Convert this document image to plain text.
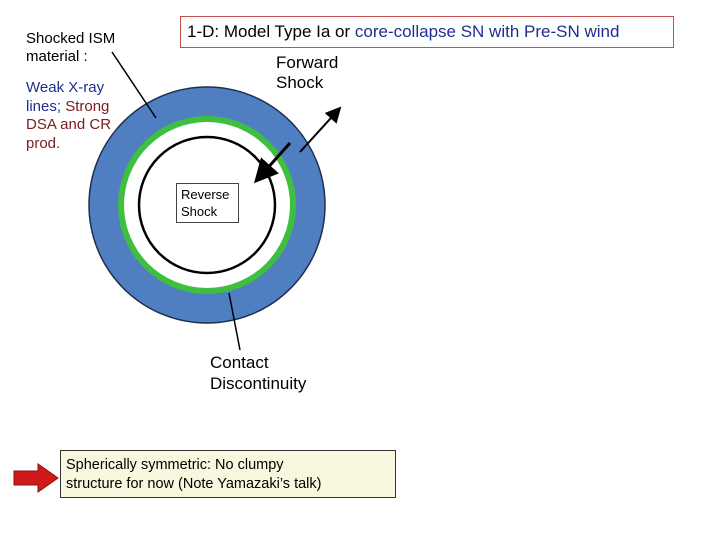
1-D: Model Type Ia or core-collapse SN with Pre-SN wind
Shocked ISM
material :
Weak X-ray
lines; Strong
DSA and CR
prod.
Forward
Shock
Reverse
Shock
Contact
Discontinuity
Spherically symmetric: No clumpy
structure for now (Note Yamazaki’s talk)
